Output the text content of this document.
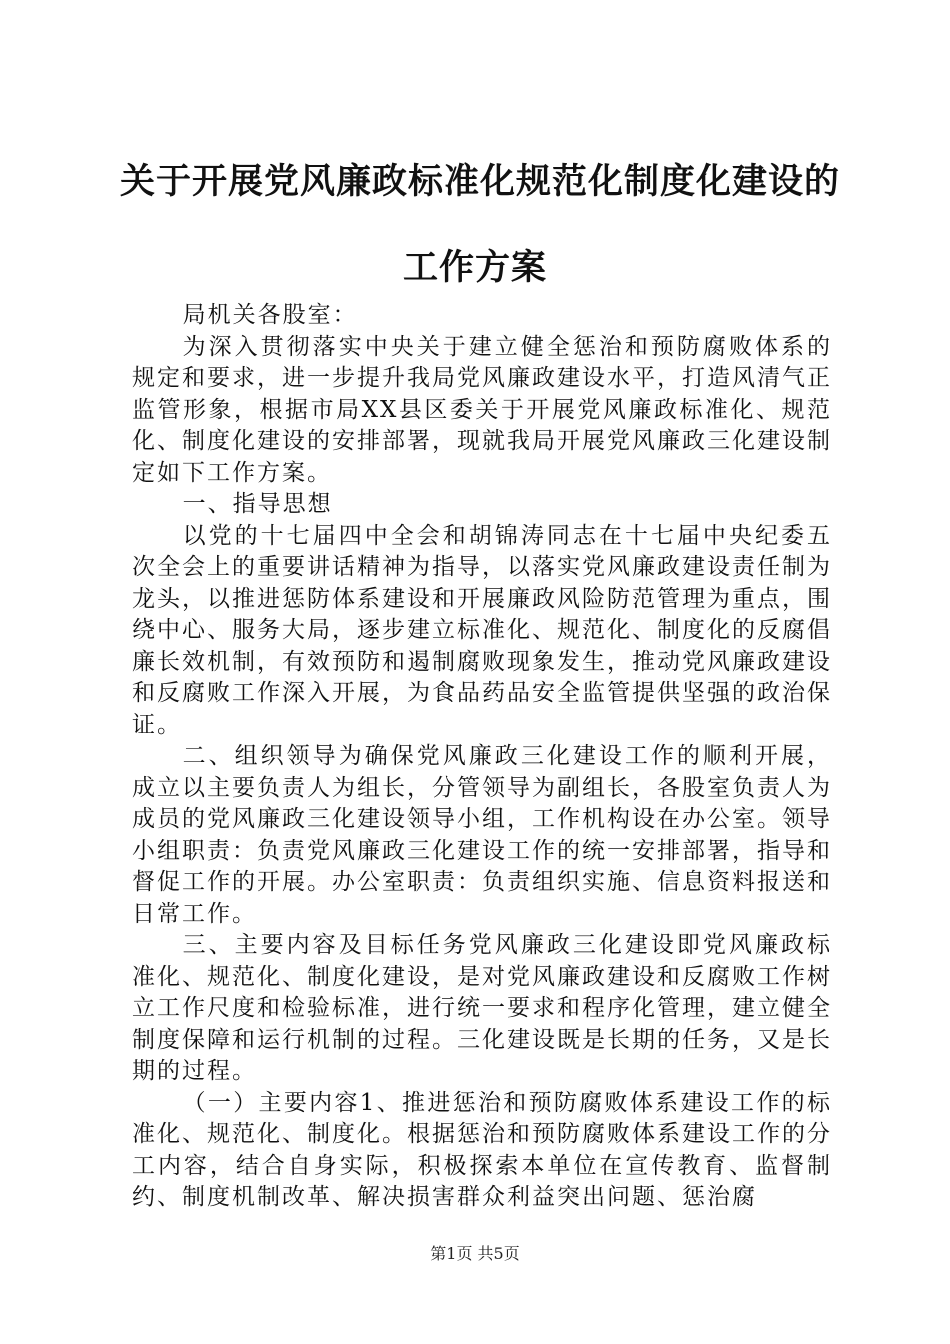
关于开展党风廉政标准化规范化制度化建设的
工作方案

局机关各股室：

为深入贯彻落实中央关于建立健全惩治和预防腐败体系的规定和要求，进一步提升我局党风廉政建设水平，打造风清气正监管形象，根据市局XX县区委关于开展党风廉政标准化、规范化、制度化建设的安排部署，现就我局开展党风廉政三化建设制定如下工作方案。

一、指导思想

以党的十七届四中全会和胡锦涛同志在十七届中央纪委五次全会上的重要讲话精神为指导，以落实党风廉政建设责任制为龙头，以推进惩防体系建设和开展廉政风险防范管理为重点，围绕中心、服务大局，逐步建立标准化、规范化、制度化的反腐倡廉长效机制，有效预防和遏制腐败现象发生，推动党风廉政建设和反腐败工作深入开展，为食品药品安全监管提供坚强的政治保证。

二、组织领导为确保党风廉政三化建设工作的顺利开展，成立以主要负责人为组长，分管领导为副组长，各股室负责人为成员的党风廉政三化建设领导小组，工作机构设在办公室。领导小组职责：负责党风廉政三化建设工作的统一安排部署，指导和督促工作的开展。办公室职责：负责组织实施、信息资料报送和日常工作。

三、主要内容及目标任务党风廉政三化建设即党风廉政标准化、规范化、制度化建设，是对党风廉政建设和反腐败工作树立工作尺度和检验标准，进行统一要求和程序化管理，建立健全制度保障和运行机制的过程。三化建设既是长期的任务，又是长期的过程。

（一）主要内容1、推进惩治和预防腐败体系建设工作的标准化、规范化、制度化。根据惩治和预防腐败体系建设工作的分工内容，结合自身实际，积极探索本单位在宣传教育、监督制约、制度机制改革、解决损害群众利益突出问题、惩治腐

第1页 共5页
